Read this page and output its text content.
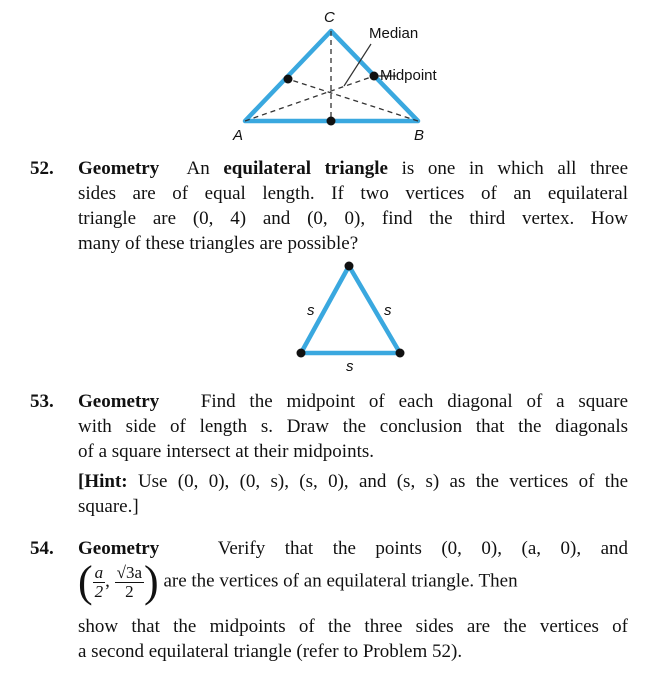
C
A	B
Median
Midpoint
52. Geometry An equilateral triangle is one in which all three
sides are of equal length. If two vertices of an equilateral
triangle are (0, 4) and (0, 0), find the third vertex. How
many of these triangles are possible?
s	s
s
53. Geometry Find the midpoint of each diagonal of a square
with side of length s. Draw the conclusion that the diagonals
of a square intersect at their midpoints.
[Hint: Use (0, 0), (0, s), (s, 0), and (s, s) as the vertices of the
square.]
54. Geometry	Verify that the points (0, 0), (a, 0), and
( $\frac{a}{2}$ , $\frac{√3a}{2}$ ) are the vertices of an equilateral triangle. Then
show that the midpoints of the three sides are the vertices of
a second equilateral triangle (refer to Problem 52).
